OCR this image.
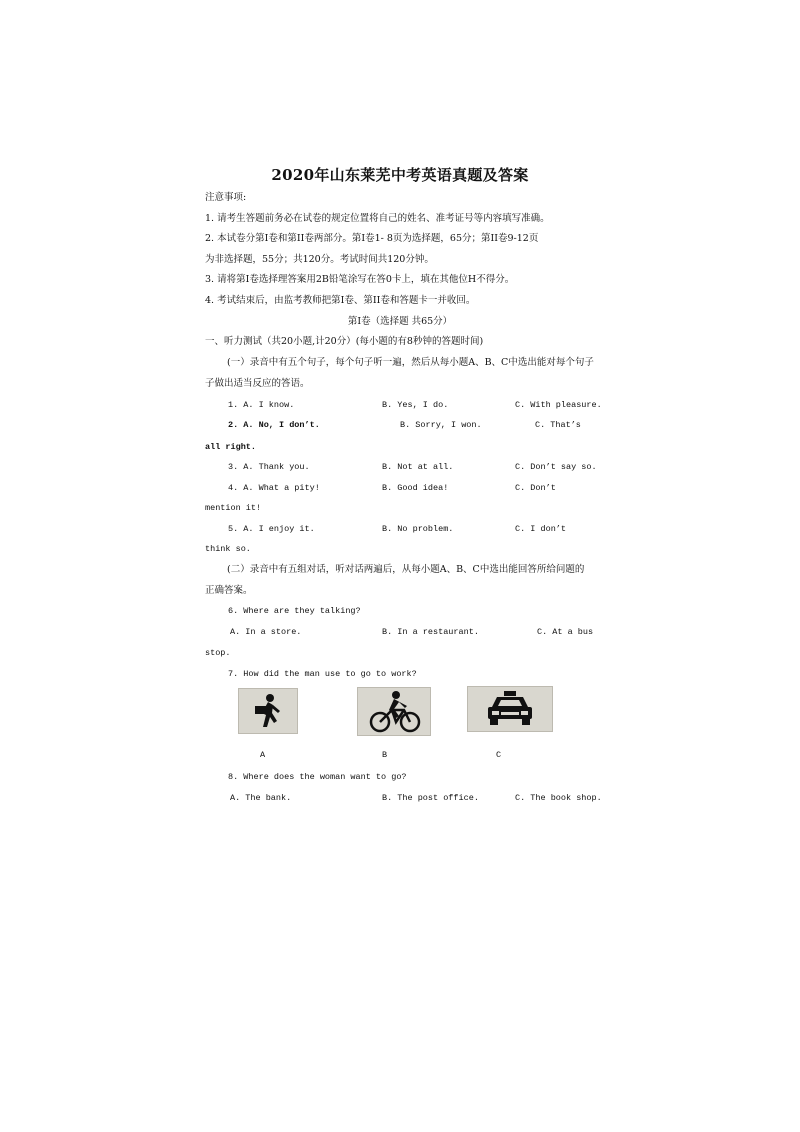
2020年山东莱芜中考英语真题及答案
注意事项:
1. 请考生答题前务必在试卷的规定位置将自己的姓名、准考证号等内容填写准确。
2. 本试卷分第I卷和第II卷两部分。第I卷1- 8页为选择题，65分；第II卷9-12页
为非选择题，55分；共120分。考试时间共120分钟。
3. 请将第I卷选择理答案用2B铅笔涂写在答0卡上，填在其他位H不得分。
4. 考试结束后，由监考教师把第I卷、第II卷和答题卡一并收回。
第I卷（选择题 共65分）
一、听力测试（共20小题,计20分）(每小题的有8秒钟的答题时间)
(一）录音中有五个句子，每个句子听一遍，然后从每小题A、B、C中选出能对每个句子
子做出适当反应的答语。
1. A. I know.	B. Yes, I do.	C. With pleasure.
2. A. No, I don’t.	B. Sorry, I won.	C. That’s
all right.
3. A. Thank you.	B. Not at all.	C. Don’t say so.
4. A. What a pity!	B. Good idea!	C. Don’t
mention it!
5. A. I enjoy it.	B. No problem.	C. I don’t
think so.
(二）录音中有五组对话，听对话两遍后，从每小题A、B、C中选出能回答所给问题的
正确答案。
6. Where are they talking?
A. In a store.	B. In a restaurant.	C. At a bus
stop.
7. How did the man use to go to work?
A	B	C
8. Where does the woman want to go?
A. The bank.	B. The post office.	C. The book shop.
